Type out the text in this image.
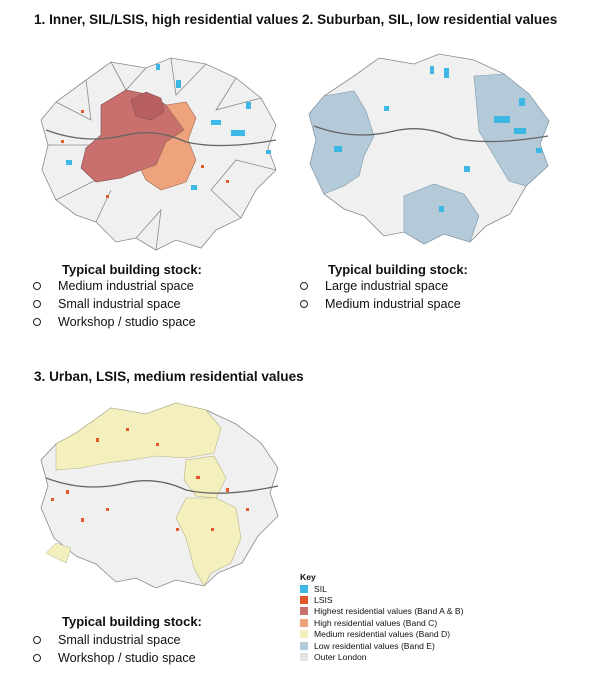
1. Inner, SIL/LSIS, high residential values
Typical building stock:
Medium industrial space
Small industrial space
Workshop / studio space
2. Suburban, SIL, low residential values
Typical building stock:
Large industrial space
Medium industrial space
3. Urban, LSIS, medium residential values
Typical building stock:
Small industrial space
Workshop / studio space
Key
SIL
LSIS
Highest residential values (Band A & B)
High residential values (Band C)
Medium residential values (Band D)
Low residential values (Band E)
Outer London
